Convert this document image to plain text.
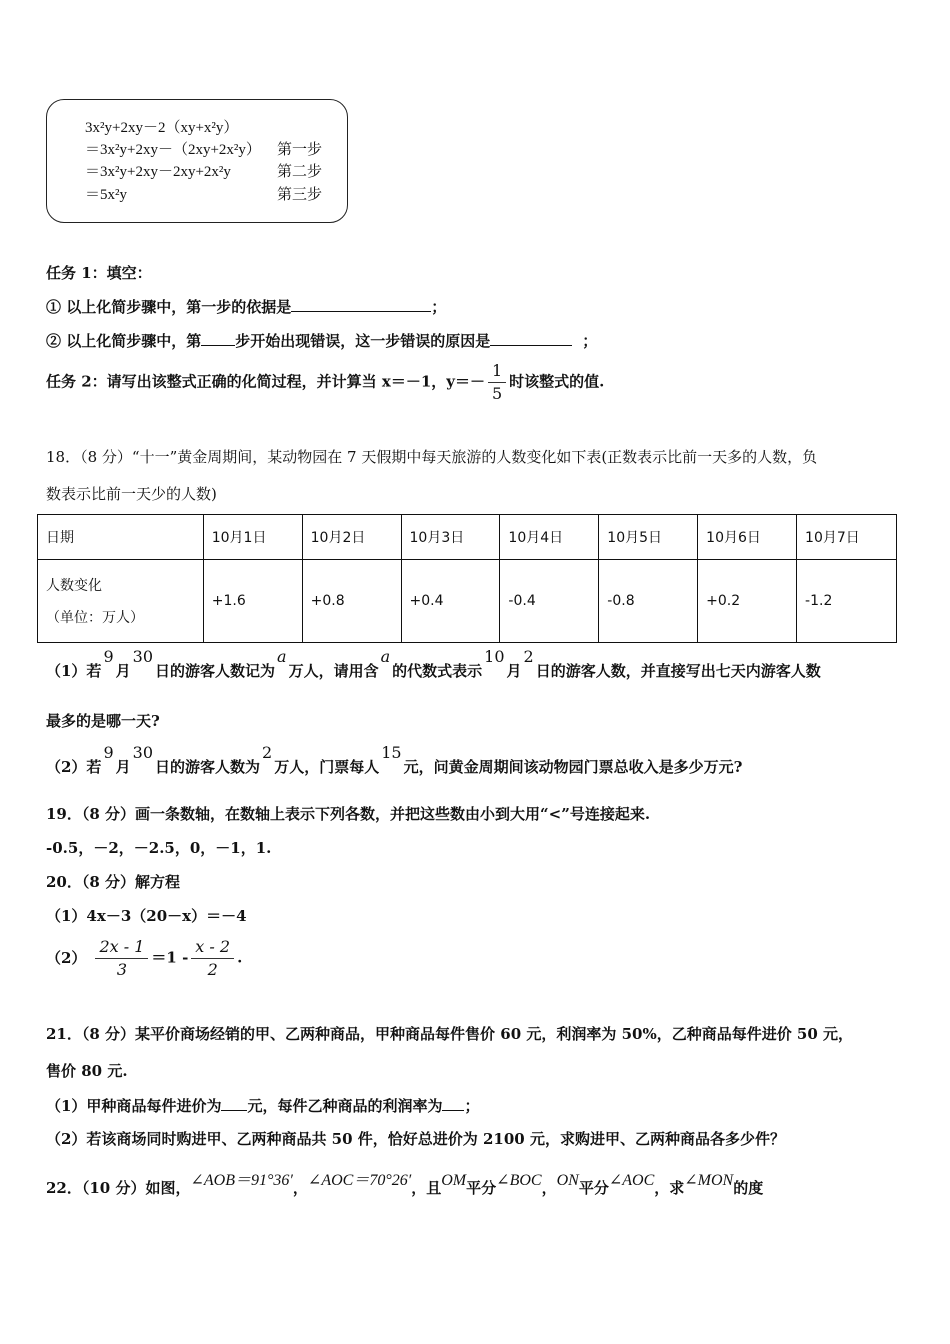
3x²y+2xy－2（xy+x²y）
＝3x²y+2xy－（2xy+2x²y） 第一步
＝3x²y+2xy－2xy+2x²y	第二步
＝5x²y	第三步
任务 1：填空：
① 以上化简步骤中，第一步的依据是	；
② 以上化简步骤中，第 步开始出现错误，这一步错误的原因是	；
任务 2：请写出该整式正确的化简过程，并计算当 x＝－1，$y=- \frac{1}{5}$ 时该整式的值.
18．（8 分）“十一”黄金周期间，某动物园在 7 天假期中每天旅游的人数变化如下表(正数表示比前一天多的人数，负
数表示比前一天少的人数)
日期	10月1日	10月2日	10月3日	10月4日	10月5日	10月6日	10月7日

人数变化
（单位：万人）	+1.6	+0.8	+0.4	-0.4	-0.8	+0.2	-1.2
（1）若9月30日的游客人数记为a万人，请用含a的代数式表示10月2日的游客人数，并直接写出七天内游客人数
最多的是哪一天?
（2）若9月30日的游客人数为2万人，门票每人15元，问黄金周期间该动物园门票总收入是多少万元?
19．（8 分）画一条数轴，在数轴上表示下列各数，并把这些数由小到大用“<”号连接起来.
-0.5，－2，－2.5，0，－1，1.
20．（8 分）解方程
（1）4x－3（20－x）＝－4
$(2) \frac{2x - 1}{3} =1 - \frac{x - 2}{2}$ .
21．（8 分）某平价商场经销的甲、乙两种商品，甲种商品每件售价 60 元，利润率为 50%，乙种商品每件进价 50 元，
售价 80 元.
（1）甲种商品每件进价为 元，每件乙种商品的利润率为 ；
（2）若该商场同时购进甲、乙两种商品共 50 件，恰好总进价为 2100 元，求购进甲、乙两种商品各多少件？
22．（10 分）如图，∠AOB＝91°36′，∠AOC＝70°26′，且OM平分∠BOC，ON平分∠AOC，求∠MON的度
